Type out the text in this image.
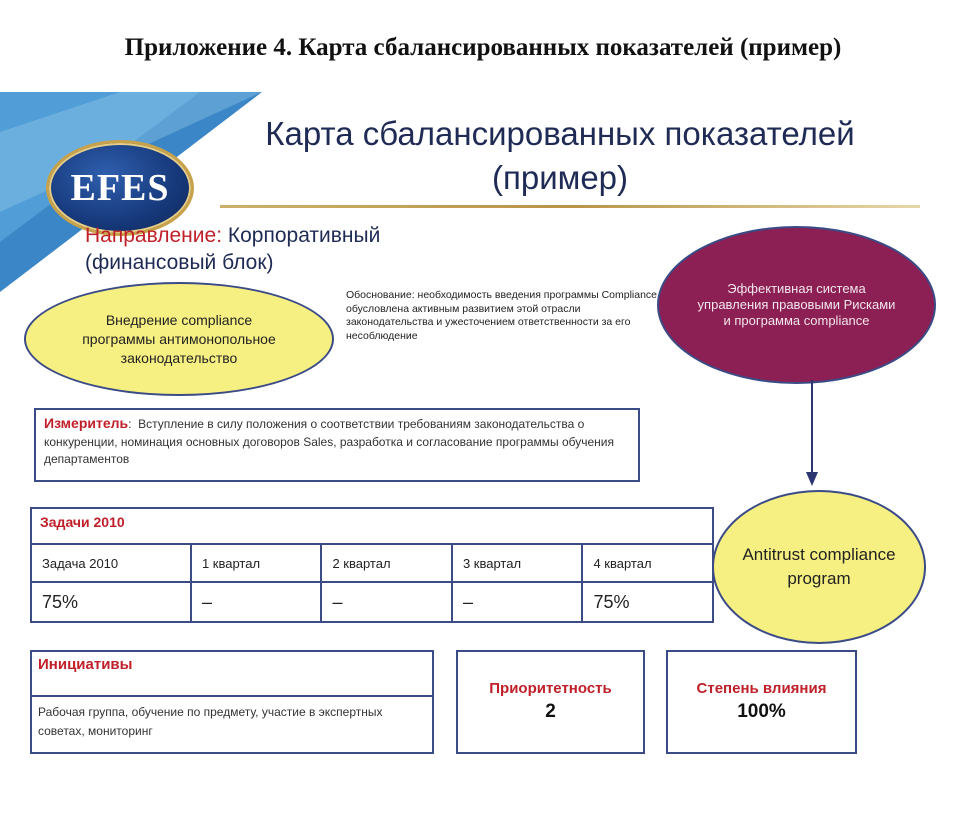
Приложение 4. Карта сбалансированных показателей (пример)
EFES
Карта сбалансированных показателей
(пример)
Направление: Корпоративный
(финансовый блок)
Внедрение compliance программы антимонопольное законодательство
Обоснование: необходимость введения программы Compliance обусловлена активным развитием этой отрасли законодательства и ужесточением ответственности за его несоблюдение
Эффективная система управления правовыми Рисками и программа compliance
Antitrust compliance program
Измеритель:  Вступление в силу положения о соответствии требованиям законодательства о конкуренции, номинация основных договоров Sales, разработка и согласование программы обучения департаментов
Задачи 2010
Задача 2010	1 квартал	2 квартал	3 квартал	4 квартал
75%	–	–	–	75%
Инициативы
Рабочая группа, обучение по предмету, участие в экспертных советах, мониторинг
Приоритетность
2
Степень влияния
100%
